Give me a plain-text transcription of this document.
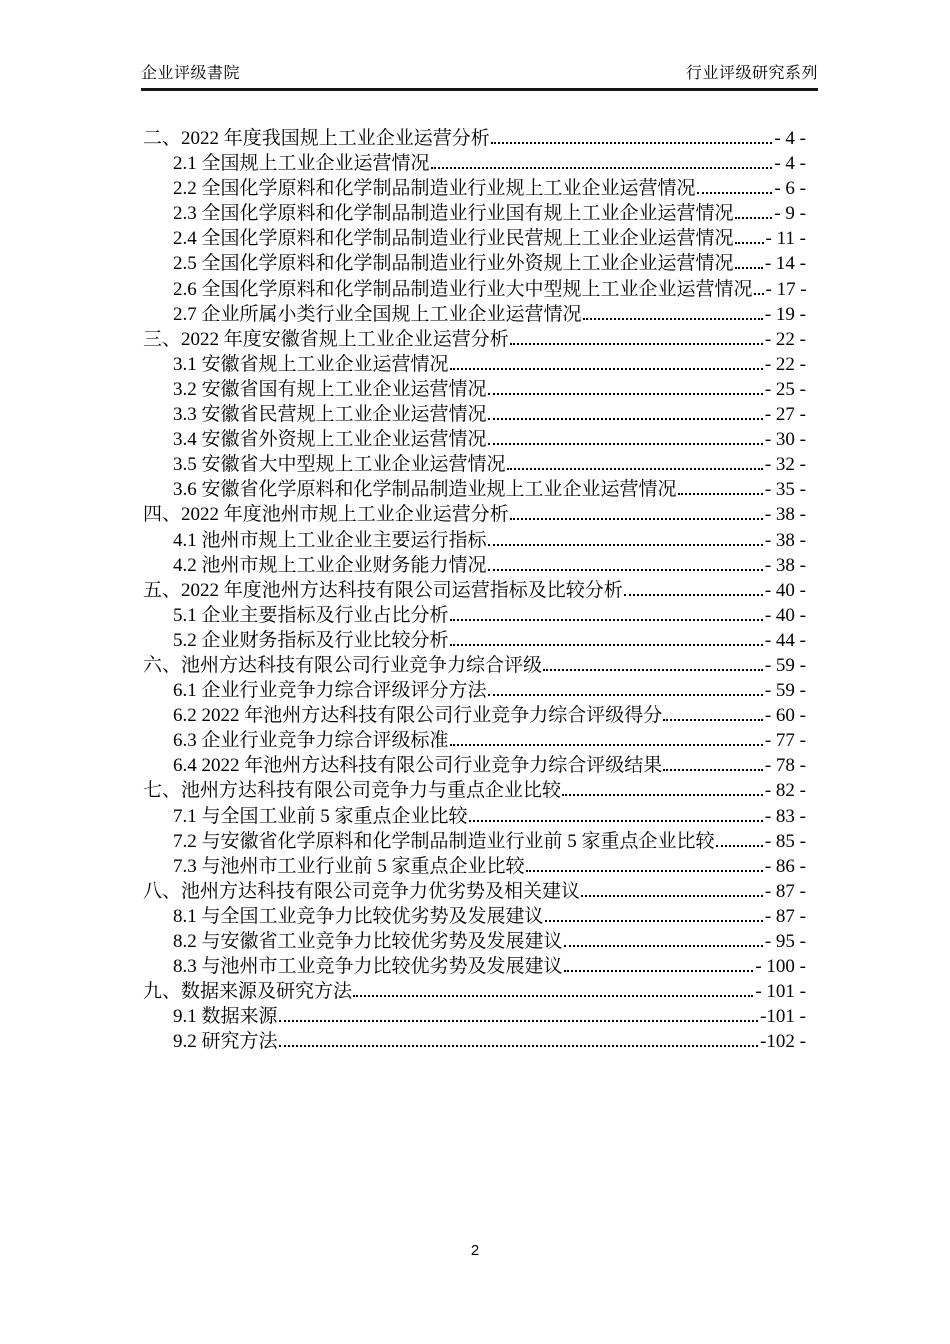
企业评级書院	行业评级研究系列
二、2022 年度我国规上工业企业运营分析	- 4 -
2.1 全国规上工业企业运营情况	- 4 -
2.2 全国化学原料和化学制品制造业行业规上工业企业运营情况	- 6 -
2.3 全国化学原料和化学制品制造业行业国有规上工业企业运营情况 - 9 -
2.4 全国化学原料和化学制品制造业行业民营规上工业企业运营情况 - 11 -
2.5 全国化学原料和化学制品制造业行业外资规上工业企业运营情况 - 14 -
2.6 全国化学原料和化学制品制造业行业大中型规上工业企业运营情况 - 17 -
2.7 企业所属小类行业全国规上工业企业运营情况	- 19 -
三、2022 年度安徽省规上工业企业运营分析	- 22 -
3.1 安徽省规上工业企业运营情况	- 22 -
3.2 安徽省国有规上工业企业运营情况	- 25 -
3.3 安徽省民营规上工业企业运营情况	- 27 -
3.4 安徽省外资规上工业企业运营情况	- 30 -
3.5 安徽省大中型规上工业企业运营情况	- 32 -
3.6 安徽省化学原料和化学制品制造业规上工业企业运营情况	- 35 -
四、2022 年度池州市规上工业企业运营分析	- 38 -
4.1 池州市规上工业企业主要运行指标	- 38 -
4.2 池州市规上工业企业财务能力情况	- 38 -
五、2022 年度池州方达科技有限公司运营指标及比较分析	- 40 -
5.1 企业主要指标及行业占比分析	- 40 -
5.2 企业财务指标及行业比较分析	- 44 -
六、池州方达科技有限公司行业竞争力综合评级	- 59 -
6.1 企业行业竞争力综合评级评分方法	- 59 -
6.2 2022 年池州方达科技有限公司行业竞争力综合评级得分	- 60 -
6.3 企业行业竞争力综合评级标准	- 77 -
6.4 2022 年池州方达科技有限公司行业竞争力综合评级结果	- 78 -
七、池州方达科技有限公司竞争力与重点企业比较	- 82 -
7.1 与全国工业前 5 家重点企业比较	- 83 -
7.2 与安徽省化学原料和化学制品制造业行业前 5 家重点企业比较	- 85 -
7.3 与池州市工业行业前 5 家重点企业比较	- 86 -
八、池州方达科技有限公司竞争力优劣势及相关建议	- 87 -
8.1 与全国工业竞争力比较优劣势及发展建议	- 87 -
8.2 与安徽省工业竞争力比较优劣势及发展建议	- 95 -
8.3 与池州市工业竞争力比较优劣势及发展建议	- 100 -
九、数据来源及研究方法	- 101 -
9.1 数据来源	-101 -
9.2 研究方法	-102 -
2
